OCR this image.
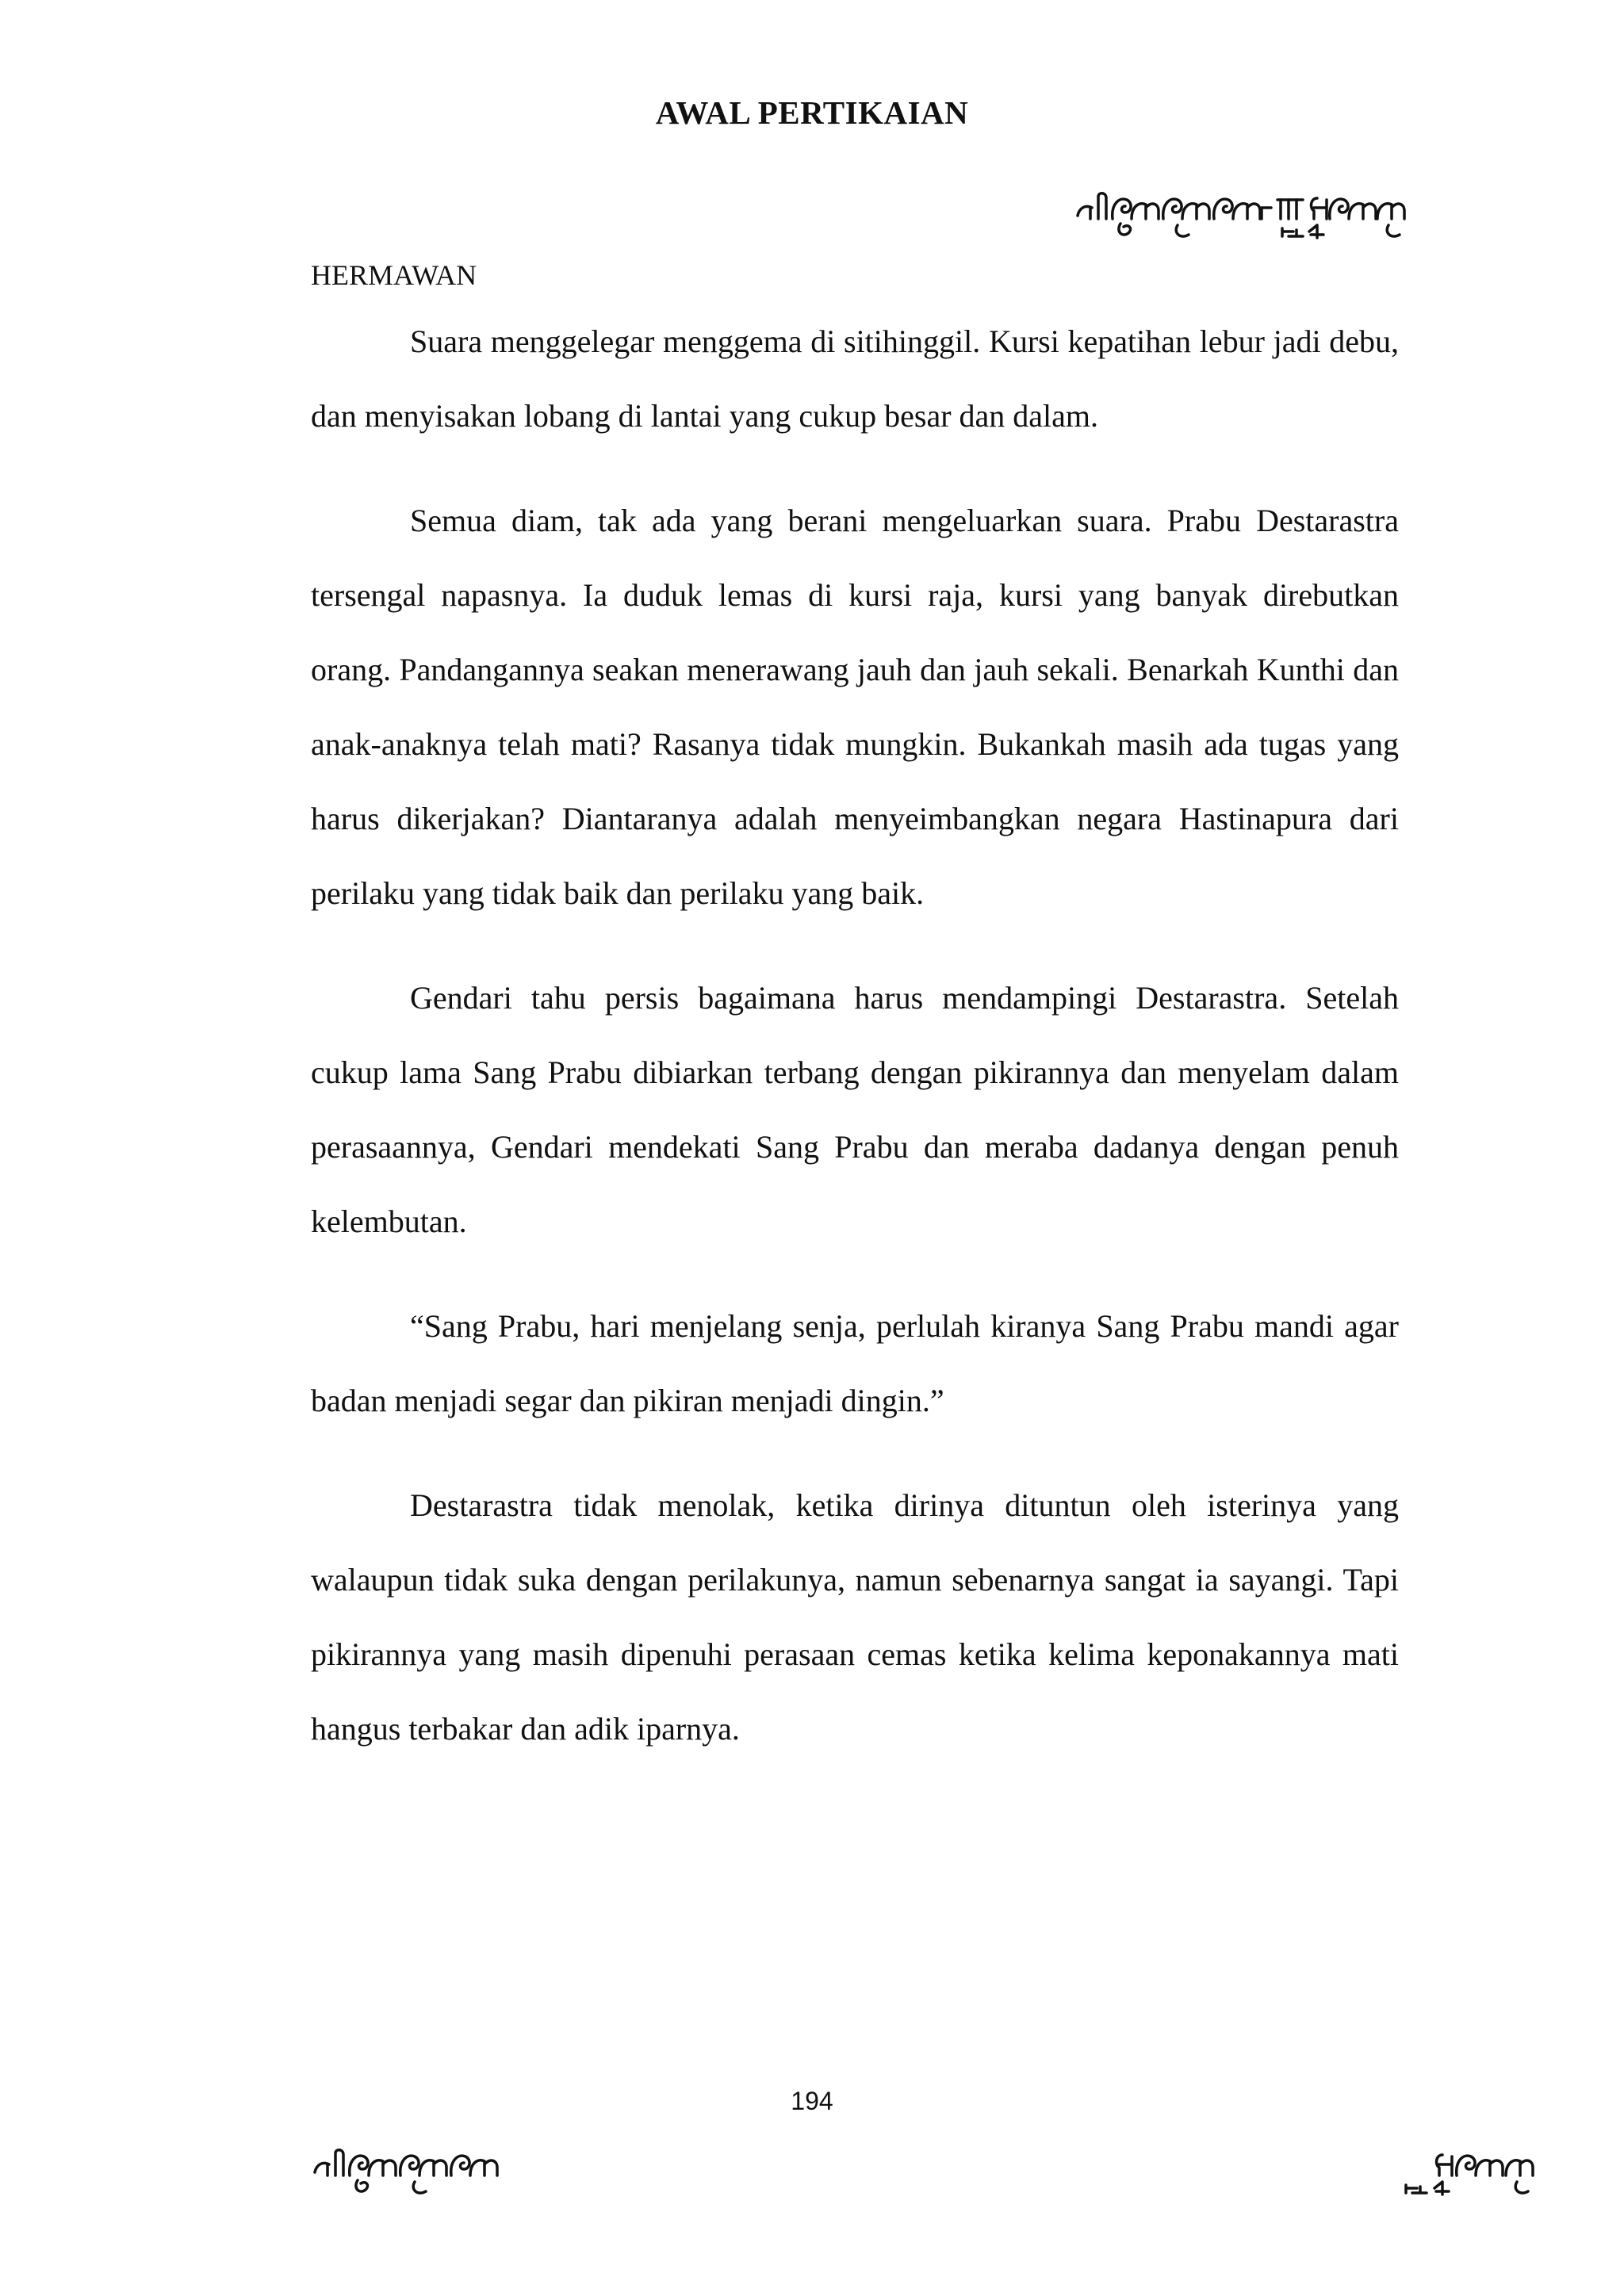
AWAL PERTIKAIAN

HERMAWAN

Suara menggelegar menggema di sitihinggil. Kursi kepatihan lebur jadi debu, dan menyisakan lobang di lantai yang cukup besar dan dalam.

Semua diam, tak ada yang berani mengeluarkan suara. Prabu Destarastra tersengal napasnya. Ia duduk lemas di kursi raja, kursi yang banyak direbutkan orang. Pandangannya seakan menerawang jauh dan jauh sekali. Benarkah Kunthi dan anak-anaknya telah mati? Rasanya tidak mungkin. Bukankah masih ada tugas yang harus dikerjakan? Diantaranya adalah menyeimbangkan negara Hastinapura dari perilaku yang tidak baik dan perilaku yang baik.

Gendari tahu persis bagaimana harus mendampingi Destarastra. Setelah cukup lama Sang Prabu dibiarkan terbang dengan pikirannya dan menyelam dalam perasaannya, Gendari mendekati Sang Prabu dan meraba dadanya dengan penuh kelembutan.

“Sang Prabu, hari menjelang senja, perlulah kiranya Sang Prabu mandi agar badan menjadi segar dan pikiran menjadi dingin.”

Destarastra tidak menolak, ketika dirinya dituntun oleh isterinya yang walaupun tidak suka dengan perilakunya, namun sebenarnya sangat ia sayangi. Tapi pikirannya yang masih dipenuhi perasaan cemas ketika kelima keponakannya mati hangus terbakar dan adik iparnya.

194
